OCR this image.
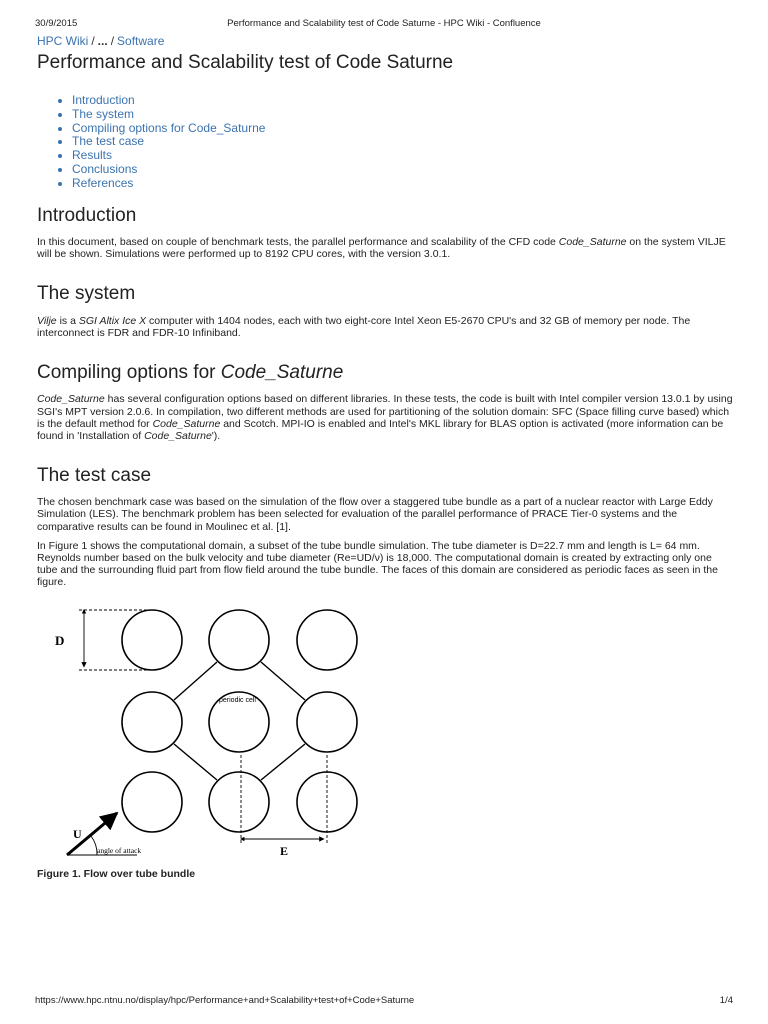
30/9/2015	Performance and Scalability test of Code Saturne - HPC Wiki - Confluence
HPC Wiki / ... / Software
Performance and Scalability test of Code Saturne
• Introduction
• The system
• Compiling options for Code_Saturne
• The test case
• Results
• Conclusions
• References
Introduction

In this document, based on couple of benchmark tests, the parallel performance and scalability of the CFD code Code_Saturne on the system VILJE will be shown. Simulations were performed up to 8192 CPU cores, with the version 3.0.1.

The system

Vilje is a SGI Altix Ice X computer with 1404 nodes, each with two eight-core Intel Xeon E5-2670 CPU's and 32 GB of memory per node. The interconnect is FDR and FDR-10 Infiniband.

Compiling options for Code_Saturne

Code_Saturne has several configuration options based on different libraries. In these tests, the code is built with Intel compiler version 13.0.1 by using SGI's MPT version 2.0.6. In compilation, two different methods are used for partitioning of the solution domain: SFC (Space filling curve based) which is the default method for Code_Saturne and Scotch. MPI-IO is enabled and Intel's MKL library for BLAS option is activated (more information can be found in 'Installation of Code_Saturne').

The test case

The chosen benchmark case was based on the simulation of the flow over a staggered tube bundle as a part of a nuclear reactor with Large Eddy Simulation (LES). The benchmark problem has been selected for evaluation of the parallel performance of PRACE Tier-0 systems and the comparative results can be found in Moulinec et al. [1].

In Figure 1 shows the computational domain, a subset of the tube bundle simulation. The tube diameter is D=22.7 mm and length is L= 64 mm. Reynolds number based on the bulk velocity and tube diameter (Re=UD/ν) is 18,000. The computational domain is created by extracting only one tube and the surrounding fluid part from flow field around the tube bundle. The faces of this domain are considered as periodic faces as seen in the figure.

D
periodic cell
U
angle of attack	E
Figure 1. Flow over tube bundle
https://www.hpc.ntnu.no/display/hpc/Performance+and+Scalability+test+of+Code+Saturne	1/4
